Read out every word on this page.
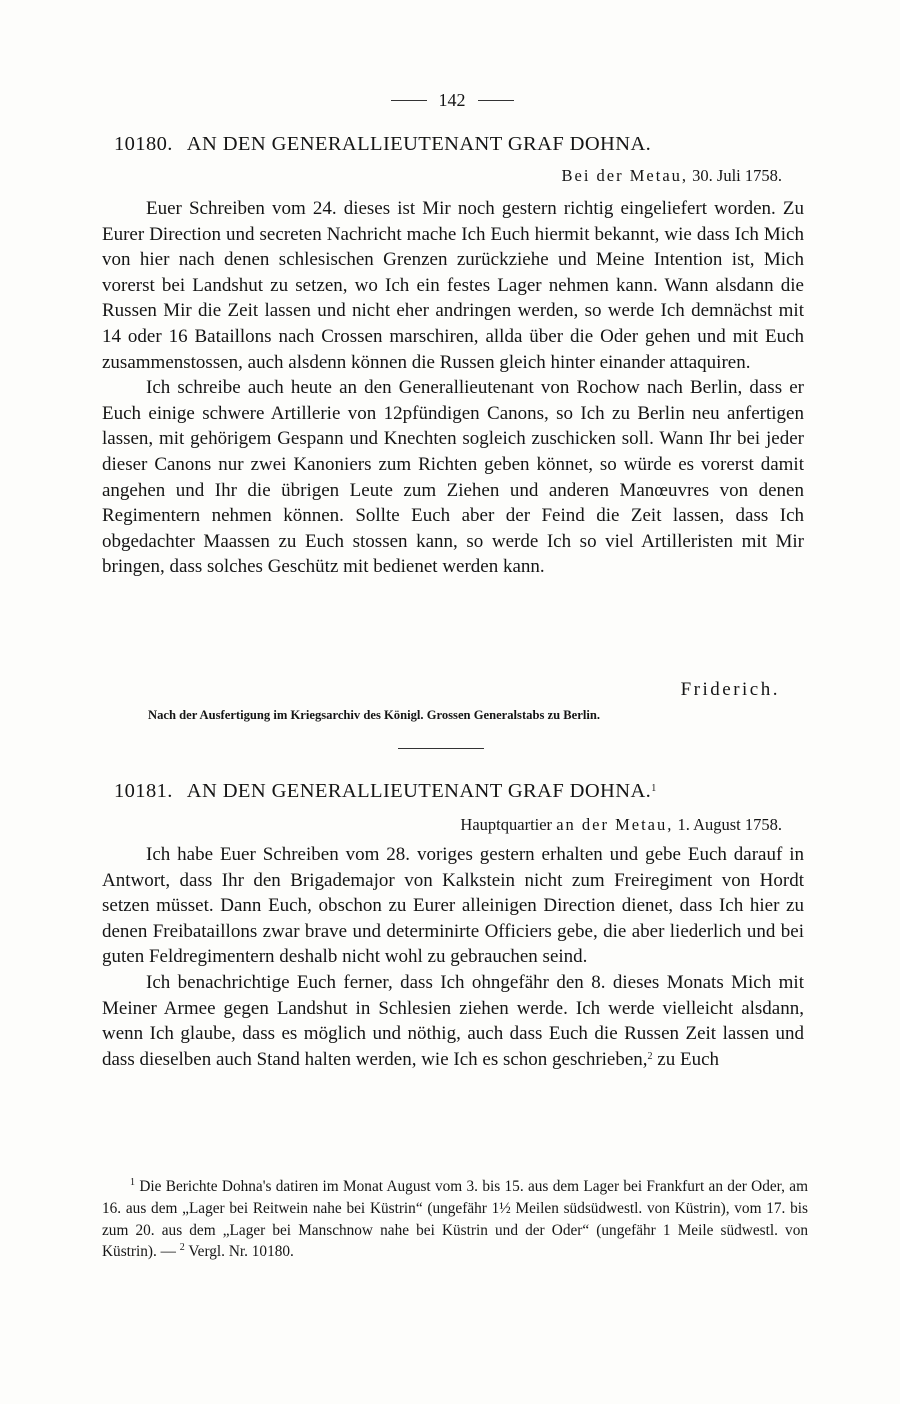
142
10180. AN DEN GENERALLIEUTENANT GRAF DOHNA.
Bei der Metau, 30. Juli 1758.

Euer Schreiben vom 24. dieses ist Mir noch gestern richtig eingeliefert worden. Zu Eurer Direction und secreten Nachricht mache Ich Euch hiermit bekannt, wie dass Ich Mich von hier nach denen schlesischen Grenzen zurückziehe und Meine Intention ist, Mich vorerst bei Landshut zu setzen, wo Ich ein festes Lager nehmen kann. Wann alsdann die Russen Mir die Zeit lassen und nicht eher andringen werden, so werde Ich demnächst mit 14 oder 16 Bataillons nach Crossen marschiren, allda über die Oder gehen und mit Euch zusammenstossen, auch alsdenn können die Russen gleich hinter einander attaquiren.

Ich schreibe auch heute an den Generallieutenant von Rochow nach Berlin, dass er Euch einige schwere Artillerie von 12pfündigen Canons, so Ich zu Berlin neu anfertigen lassen, mit gehörigem Gespann und Knechten sogleich zuschicken soll. Wann Ihr bei jeder dieser Canons nur zwei Kanoniers zum Richten geben könnet, so würde es vorerst damit angehen und Ihr die übrigen Leute zum Ziehen und anderen Manœuvres von denen Regimentern nehmen können. Sollte Euch aber der Feind die Zeit lassen, dass Ich obgedachter Maassen zu Euch stossen kann, so werde Ich so viel Artilleristen mit Mir bringen, dass solches Geschütz mit bedienet werden kann.

Friderich.
Nach der Ausfertigung im Kriegsarchiv des Königl. Grossen Generalstabs zu Berlin.
10181. AN DEN GENERALLIEUTENANT GRAF DOHNA.$^1$
Hauptquartier an der Metau, 1. August 1758.

Ich habe Euer Schreiben vom 28. voriges gestern erhalten und gebe Euch darauf in Antwort, dass Ihr den Brigademajor von Kalkstein nicht zum Freiregiment von Hordt setzen müsset. Dann Euch, obschon zu Eurer alleinigen Direction dienet, dass Ich hier zu denen Freibataillons zwar brave und determinirte Officiers gebe, die aber liederlich und bei guten Feldregimentern deshalb nicht wohl zu gebrauchen seind.

Ich benachrichtige Euch ferner, dass Ich ohngefähr den 8. dieses Monats Mich mit Meiner Armee gegen Landshut in Schlesien ziehen werde. Ich werde vielleicht alsdann, wenn Ich glaube, dass es möglich und nöthig, auch dass Euch die Russen Zeit lassen und dass dieselben auch Stand halten werden, wie Ich es schon geschrieben,$^2$ zu Euch

$^1$ Die Berichte Dohna's datiren im Monat August vom 3. bis 15. aus dem Lager bei Frankfurt an der Oder, am 16. aus dem „Lager bei Reitwein nahe bei Küstrin“ (ungefähr 1½ Meilen südsüdwestl. von Küstrin), vom 17. bis zum 20. aus dem „Lager bei Manschnow nahe bei Küstrin und der Oder“ (ungefähr 1 Meile südwestl. von Küstrin). — $^2$ Vergl. Nr. 10180.
